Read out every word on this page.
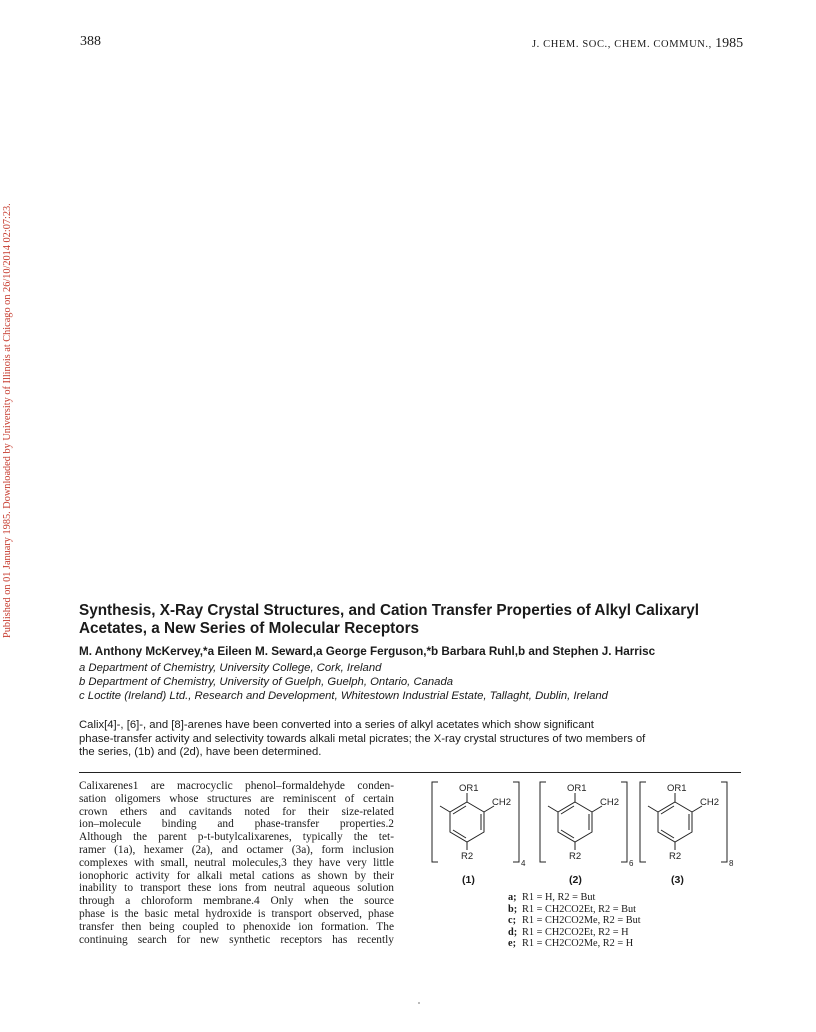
388	J. CHEM. SOC., CHEM. COMMUN., 1985
Published on 01 January 1985. Downloaded by University of Illinois at Chicago on 26/10/2014 02:07:23.	Synthesis, X-Ray Crystal Structures, and Cation Transfer Properties of Alkyl Calixaryl
Acetates, a New Series of Molecular Receptors
M. Anthony McKervey,*a Eileen M. Seward,a George Ferguson,*b Barbara Ruhl,b and Stephen J. Harrisc
a Department of Chemistry, University College, Cork, Ireland
b Department of Chemistry, University of Guelph, Guelph, Ontario, Canada
c Loctite (Ireland) Ltd., Research and Development, Whitestown Industrial Estate, Tallaght, Dublin, Ireland
Calix[4]-, [6]-, and [8]-arenes have been converted into a series of alkyl acetates which show significant
phase-transfer activity and selectivity towards alkali metal picrates; the X-ray crystal structures of two members of
the series, (1b) and (2d), have been determined.
Calixarenes1 are macrocyclic phenol–formaldehyde conden-
sation oligomers whose structures are reminiscent of certain
crown ethers and cavitands noted for their size-related
ion–molecule binding and phase-transfer properties.2
Although the parent p-t-butylcalixarenes, typically the tet-
ramer (1a), hexamer (2a), and octamer (3a), form inclusion
complexes with small, neutral molecules,3 they have very little
ionophoric activity for alkali metal cations as shown by their
inability to transport these ions from neutral aqueous solution
through a chloroform membrane.4 Only when the source
phase is the basic metal hydroxide is transport observed, phase
transfer then being coupled to phenoxide ion formation. The
continuing search for new synthetic receptors has recently
OR1
CH2
R2
4
OR1
CH2
R2
6
OR1
CH2
R2
8
(1)	(2)	(3)
a; R1 = H, R2 = But
b; R1 = CH2CO2Et, R2 = But
c; R1 = CH2CO2Me, R2 = But
d; R1 = CH2CO2Et, R2 = H
e; R1 = CH2CO2Me, R2 = H
